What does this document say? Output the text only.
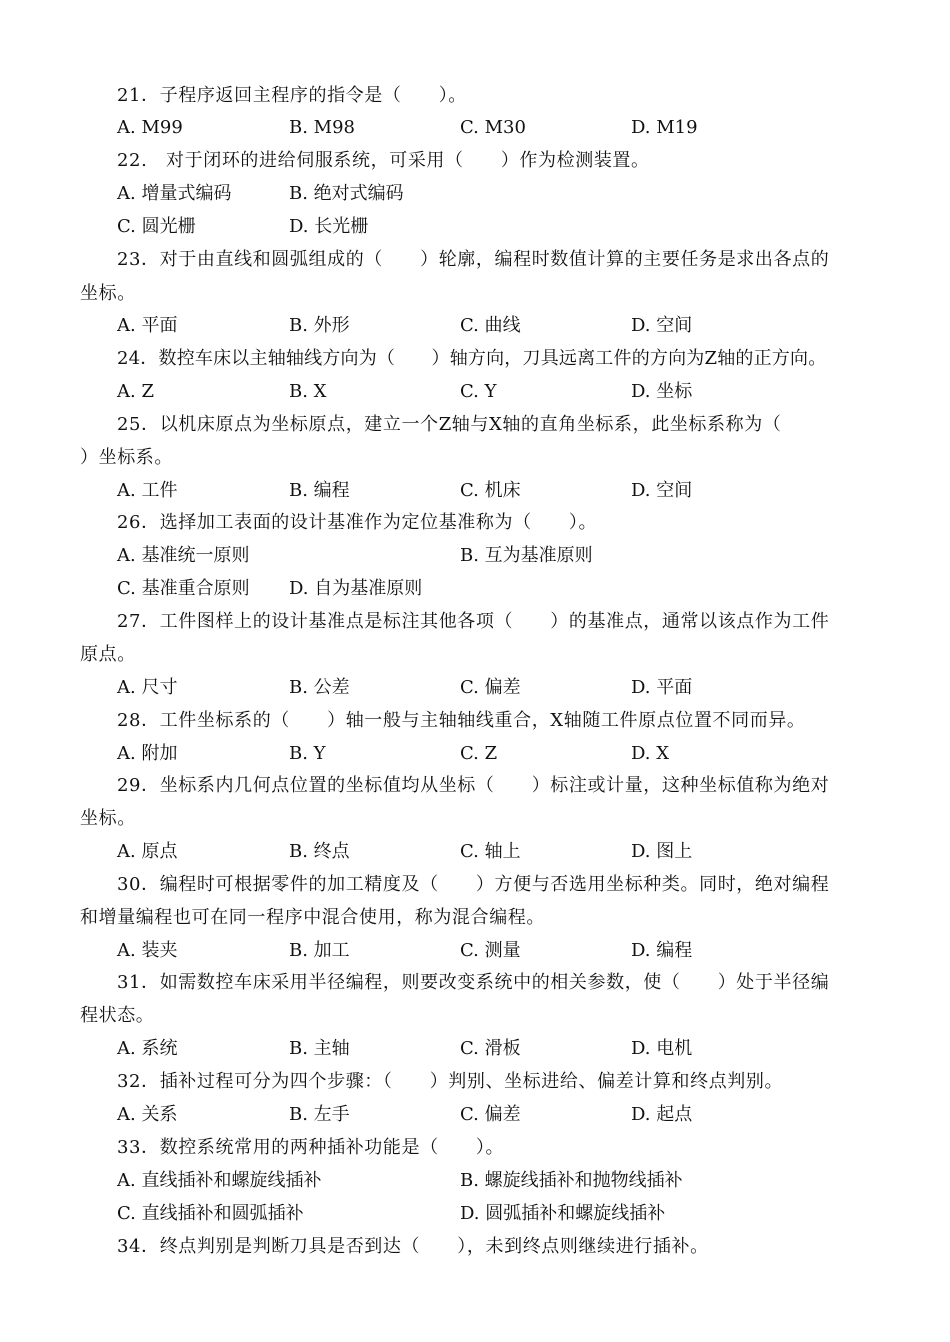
21．子程序返回主程序的指令是（　　）。
A. M99	B. M98	C. M30	D. M19
22.　对于闭环的进给伺服系统，可采用（　　）作为检测装置。
A. 增量式编码	B. 绝对式编码
C. 圆光栅	D. 长光栅
23．对于由直线和圆弧组成的（　　）轮廓，编程时数值计算的主要任务是求出各点的
坐标。
A. 平面	B. 外形	C. 曲线	D. 空间
24．数控车床以主轴轴线方向为（　　）轴方向，刀具远离工件的方向为Z轴的正方向。
A. Z	B. X	C. Y	D. 坐标
25．以机床原点为坐标原点，建立一个Z轴与X轴的直角坐标系，此坐标系称为（
）坐标系。
A. 工件	B. 编程	C. 机床	D. 空间
26．选择加工表面的设计基准作为定位基准称为（　　）。
A. 基准统一原则	B. 互为基准原则
C. 基准重合原则 D. 自为基准原则
27．工件图样上的设计基准点是标注其他各项（　　）的基准点，通常以该点作为工件
原点。
A. 尺寸	B. 公差	C. 偏差	D. 平面
28．工件坐标系的（　　）轴一般与主轴轴线重合，X轴随工件原点位置不同而异。
A. 附加	B. Y	C. Z	D. X
29．坐标系内几何点位置的坐标值均从坐标（　　）标注或计量，这种坐标值称为绝对
坐标。
A. 原点	B. 终点	C. 轴上	D. 图上
30．编程时可根据零件的加工精度及（　　）方便与否选用坐标种类。同时，绝对编程
和增量编程也可在同一程序中混合使用，称为混合编程。
A. 装夹	B. 加工	C. 测量	D. 编程
31．如需数控车床采用半径编程，则要改变系统中的相关参数，使（　　）处于半径编
程状态。
A. 系统	B. 主轴	C. 滑板	D. 电机
32．插补过程可分为四个步骤：（　　）判别、坐标进给、偏差计算和终点判别。
A. 关系	B. 左手	C. 偏差	D. 起点
33．数控系统常用的两种插补功能是（　　）。
A. 直线插补和螺旋线插补	B. 螺旋线插补和抛物线插补
C. 直线插补和圆弧插补	D. 圆弧插补和螺旋线插补
34．终点判别是判断刀具是否到达（　　），未到终点则继续进行插补。
